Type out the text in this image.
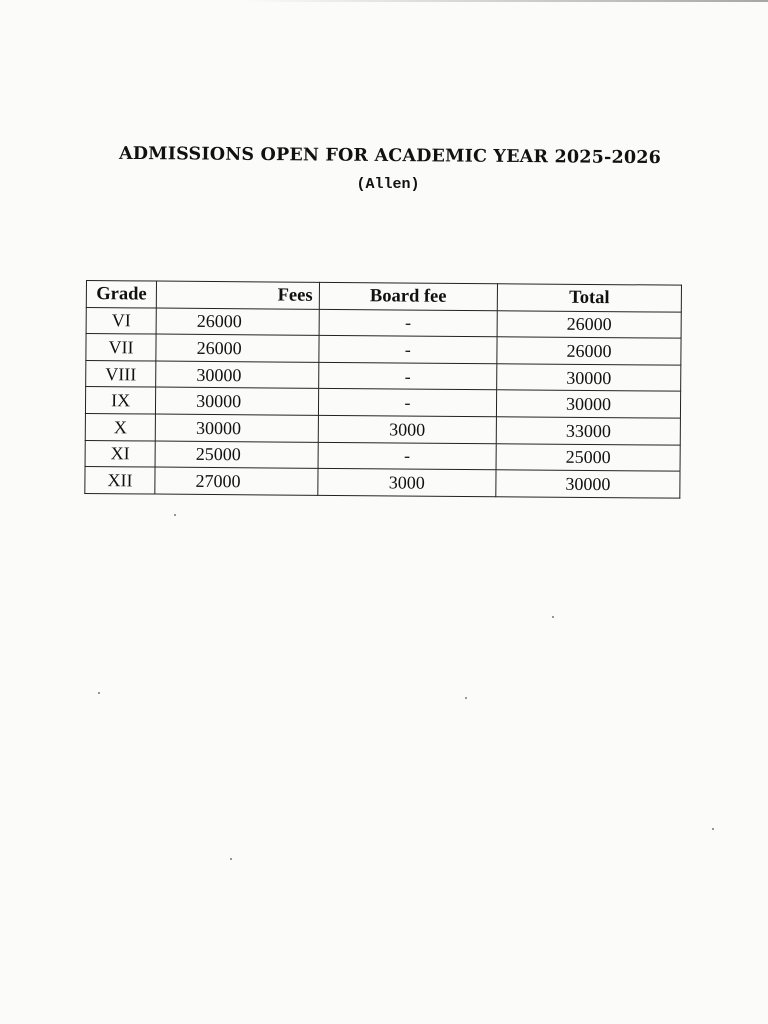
ADMISSIONS OPEN FOR ACADEMIC YEAR 2025-2026
(Allen)
Grade	Fees	Board fee	Total
VI	26000	-	26000
VII	26000	-	26000
VIII	30000	-	30000
IX	30000	-	30000
X	30000	3000	33000
XI	25000	-	25000
XII	27000	3000	30000
